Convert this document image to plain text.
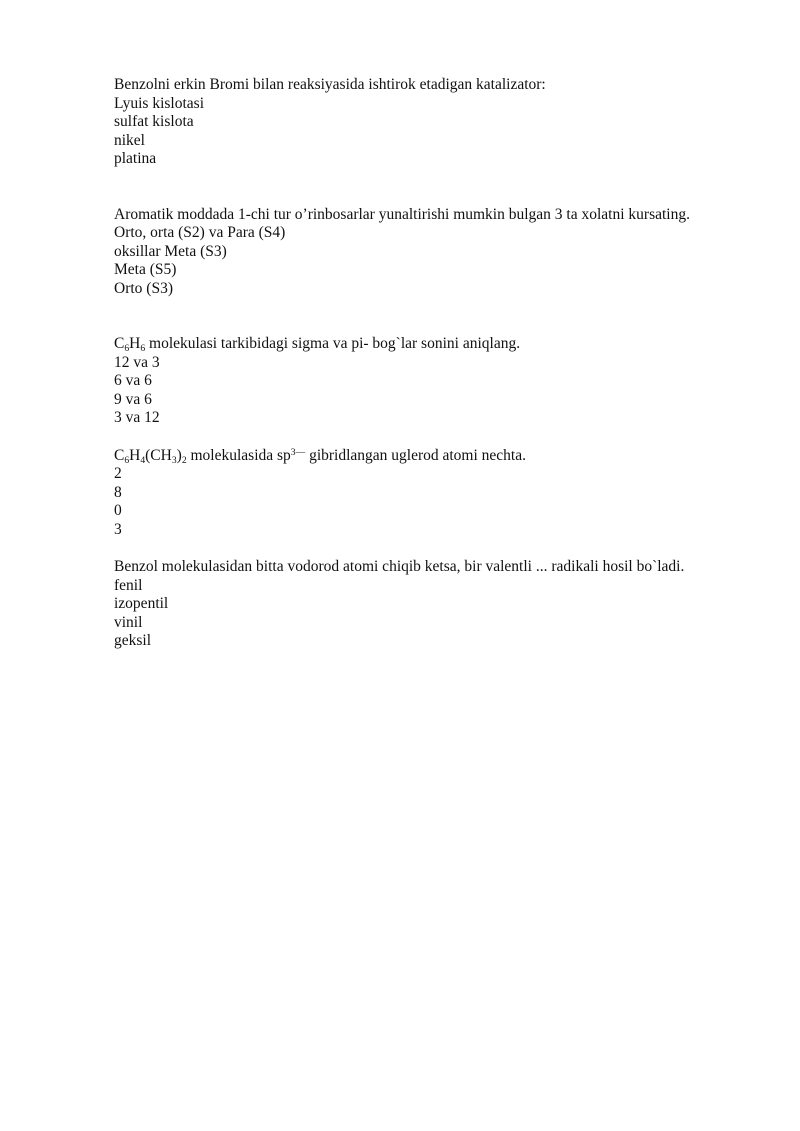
Benzolni erkin Bromi bilan reaksiyasida ishtirok etadigan katalizator:
Lyuis kislotasi
sulfat kislota
nikel
platina
Aromatik moddada 1-chi tur o’rinbosarlar yunaltirishi mumkin bulgan 3 ta xolatni kursating.
Orto, orta (S2) va Para (S4)
oksillar Meta (S3)
Meta (S5)
Orto (S3)
$C_6H_6$ molekulasi tarkibidagi sigma va pi- bog`lar sonini aniqlang.
12 va 3
6 va 6
9 va 6
3 va 12
$C_6H_4(CH_3)_2$ molekulasida $sp^{3—}$ gibridlangan uglerod atomi nechta.
2
8
0
3
Benzol molekulasidan bitta vodorod atomi chiqib ketsa, bir valentli ... radikali hosil bo`ladi.
fenil
izopentil
vinil
geksil
